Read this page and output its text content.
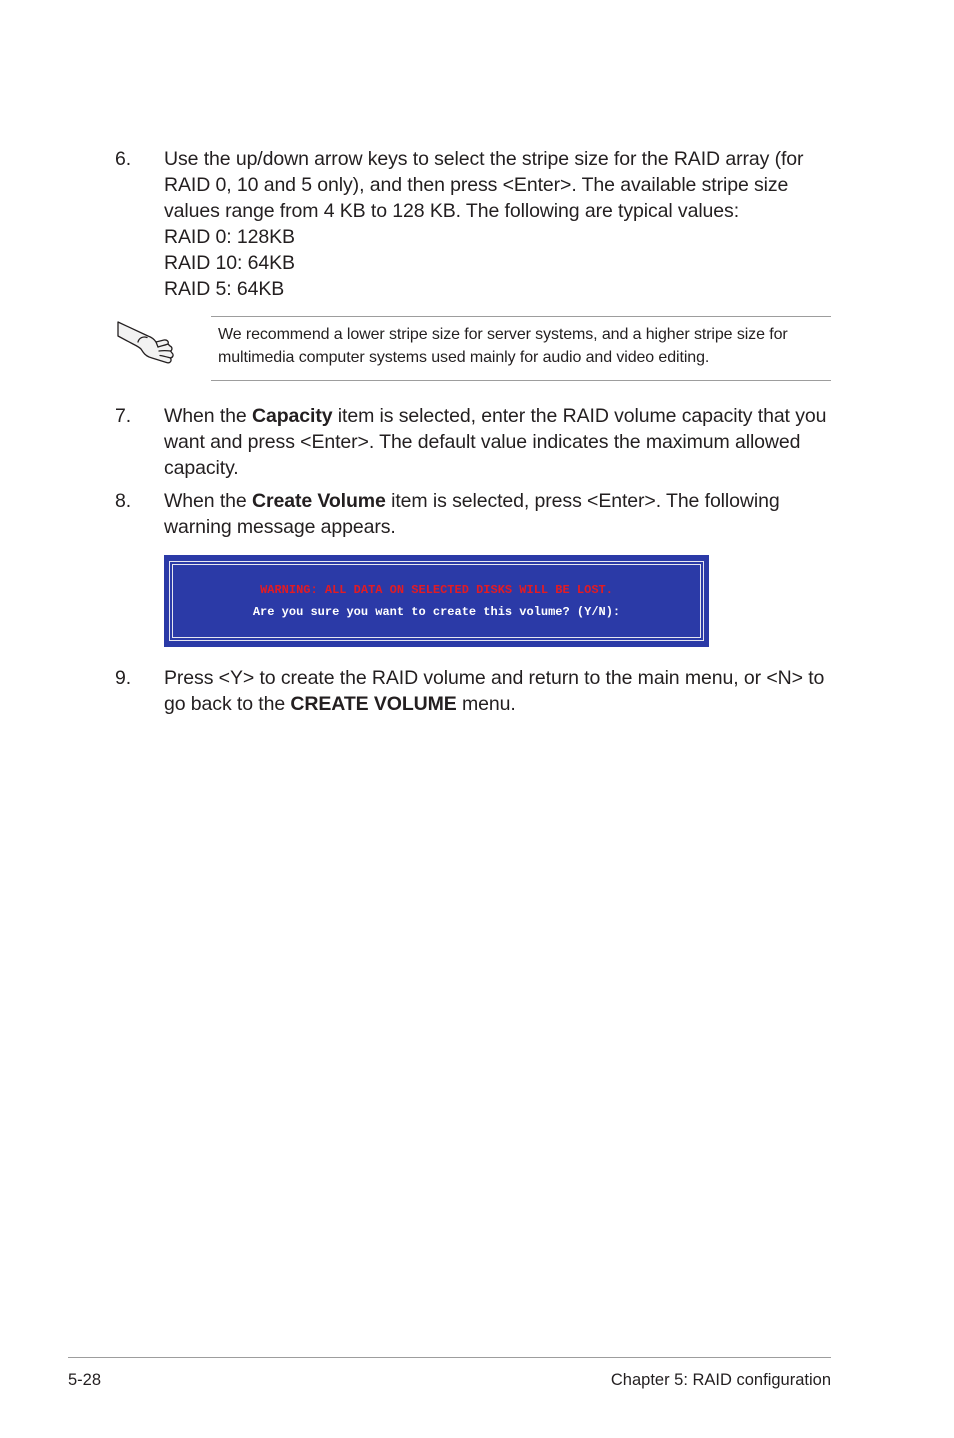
6. Use the up/down arrow keys to select the stripe size for the RAID array (for RAID 0, 10 and 5 only), and then press <Enter>. The available stripe size values range from 4 KB to 128 KB. The following are typical values:

RAID 0: 128KB

RAID 10: 64KB

RAID 5: 64KB

We recommend a lower stripe size for server systems, and a higher stripe size for multimedia computer systems used mainly for audio and video editing.
7. When the Capacity item is selected, enter the RAID volume capacity that you want and press <Enter>. The default value indicates the maximum allowed capacity.

8. When the Create Volume item is selected, press <Enter>. The following warning message appears.

WARNING: ALL DATA ON SELECTED DISKS WILL BE LOST.
Are you sure you want to create this volume? (Y/N):
9. Press <Y> to create the RAID volume and return to the main menu, or <N> to go back to the CREATE VOLUME menu.

5-28	Chapter 5: RAID configuration
